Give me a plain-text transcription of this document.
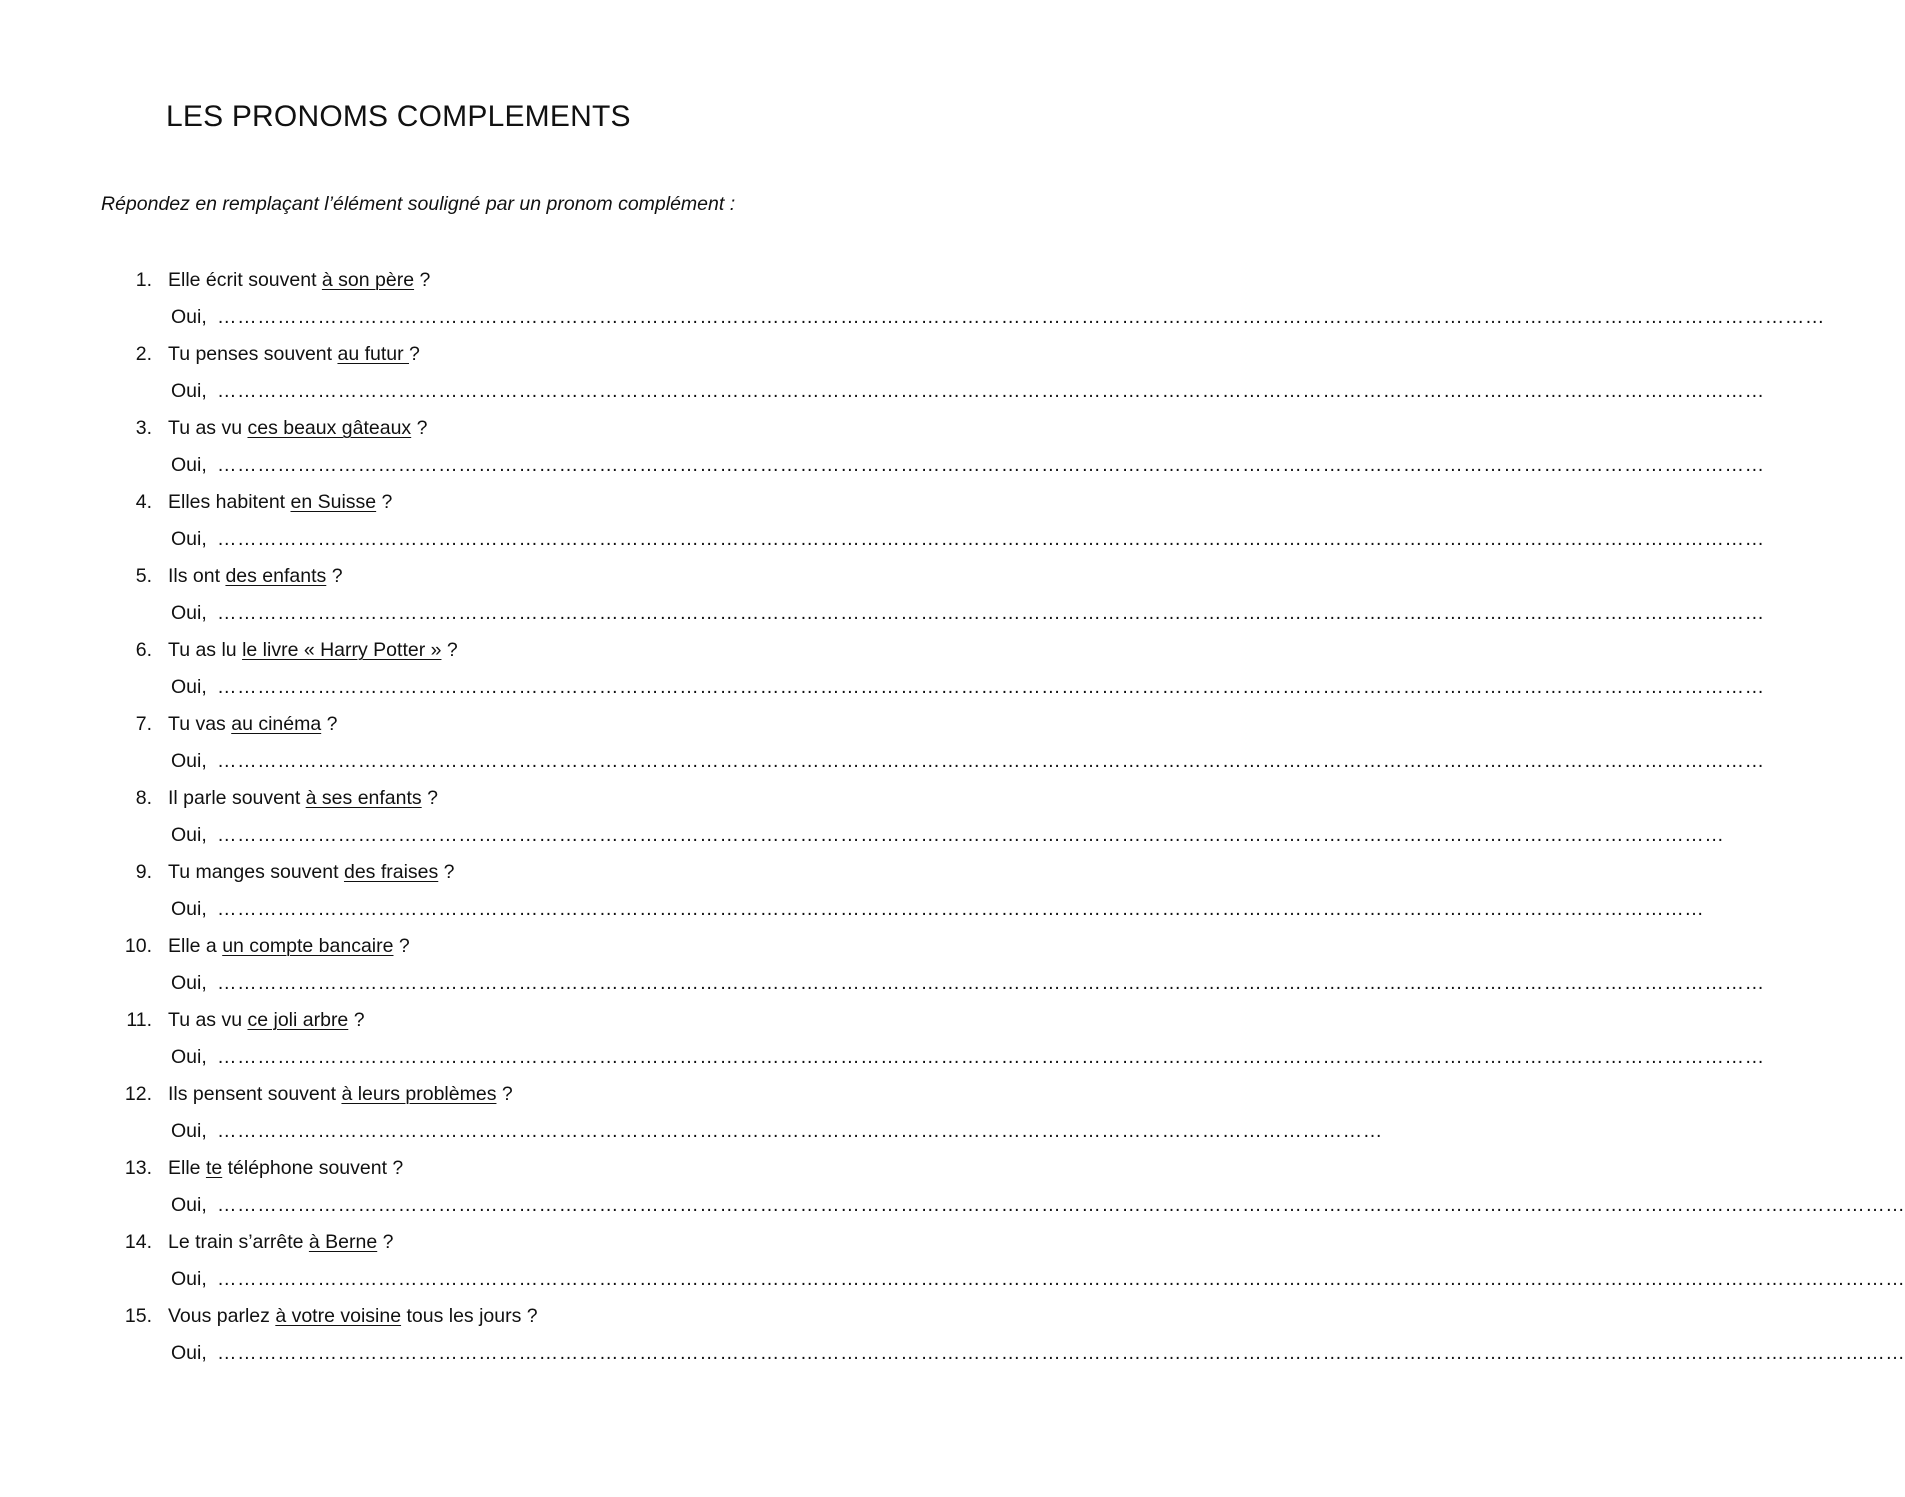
LES PRONOMS COMPLEMENTS

Répondez en remplaçant l’élément souligné par un pronom complément :

1. Elle écrit souvent à son père ?
Oui, ……………………………………………………………………………………………………………………………………………………………………………………………………………………
2. Tu penses souvent au futur ?
Oui, ……………………………………………………………………………………………………………………………………………………………………………………………………………
3. Tu as vu ces beaux gâteaux ?
Oui, ……………………………………………………………………………………………………………………………………………………………………………………………………………
4. Elles habitent en Suisse ?
Oui, ……………………………………………………………………………………………………………………………………………………………………………………………………………
5. Ils ont des enfants ?
Oui, ……………………………………………………………………………………………………………………………………………………………………………………………………………
6. Tu as lu le livre « Harry Potter » ?
Oui, ……………………………………………………………………………………………………………………………………………………………………………………………………………
7. Tu vas au cinéma ?
Oui, ……………………………………………………………………………………………………………………………………………………………………………………………………………
8. Il parle souvent à ses enfants ?
Oui, ………………………………………………………………………………………………………………………………………………………………………………………………………
9. Tu manges souvent des fraises ?
Oui, ……………………………………………………………………………………………………………………………………………………………………………………………………
10. Elle a un compte bancaire ?
Oui, ……………………………………………………………………………………………………………………………………………………………………………………………………………
11. Tu as vu ce joli arbre ?
Oui, ……………………………………………………………………………………………………………………………………………………………………………………………………………
12. Ils pensent souvent à leurs problèmes ?
Oui, …………………………………………………………………………………………………………………………………………………………
13. Elle te téléphone souvent ?
Oui, ………………………………………………………………………………………………………………………………………………………………………………………………………………………………
14. Le train s’arrête à Berne ?
Oui, ………………………………………………………………………………………………………………………………………………………………………………………………………………………………
15. Vous parlez à votre voisine tous les jours ?
Oui, ………………………………………………………………………………………………………………………………………………………………………………………………………………………………
